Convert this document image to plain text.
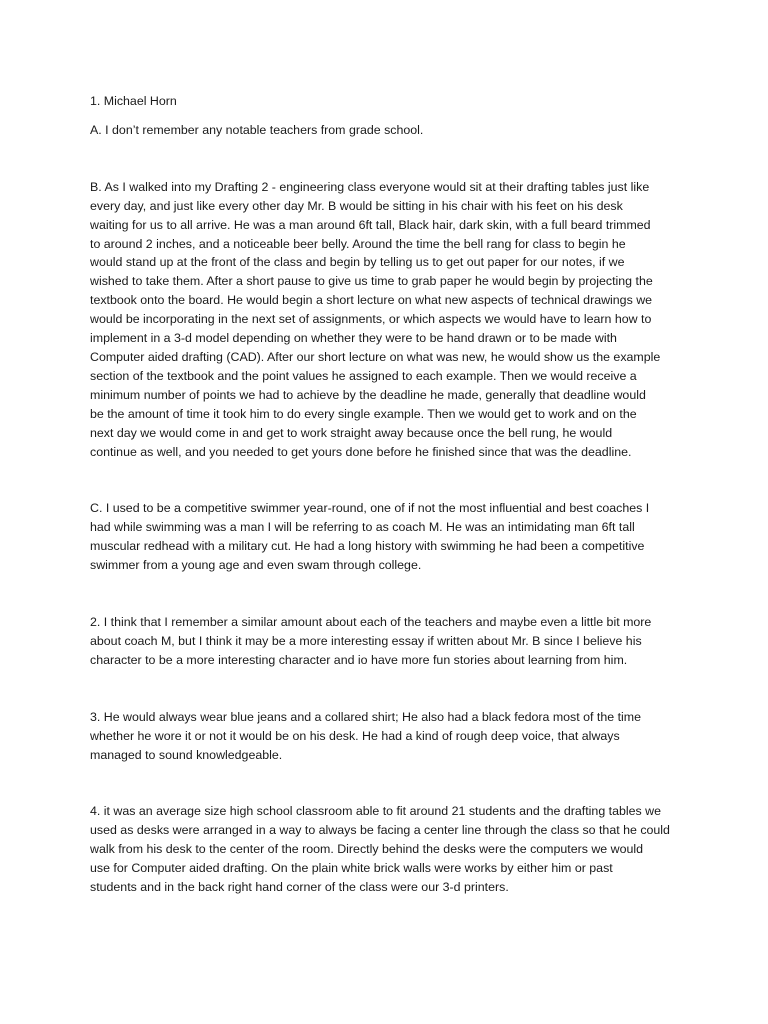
1. Michael Horn

A. I don’t remember any notable teachers from grade school.

B. As I walked into my Drafting 2 - engineering class everyone would sit at their drafting tables just like
every day, and just like every other day Mr. B would be sitting in his chair with his feet on his desk
waiting for us to all arrive. He was a man around 6ft tall, Black hair, dark skin, with a full beard trimmed
to around 2 inches, and a noticeable beer belly. Around the time the bell rang for class to begin he
would stand up at the front of the class and begin by telling us to get out paper for our notes, if we
wished to take them. After a short pause to give us time to grab paper he would begin by projecting the
textbook onto the board. He would begin a short lecture on what new aspects of technical drawings we
would be incorporating in the next set of assignments, or which aspects we would have to learn how to
implement in a 3-d model depending on whether they were to be hand drawn or to be made with
Computer aided drafting (CAD). After our short lecture on what was new, he would show us the example
section of the textbook and the point values he assigned to each example. Then we would receive a
minimum number of points we had to achieve by the deadline he made, generally that deadline would
be the amount of time it took him to do every single example. Then we would get to work and on the
next day we would come in and get to work straight away because once the bell rung, he would
continue as well, and you needed to get yours done before he finished since that was the deadline.

C. I used to be a competitive swimmer year-round, one of if not the most influential and best coaches I
had while swimming was a man I will be referring to as coach M. He was an intimidating man 6ft tall
muscular redhead with a military cut. He had a long history with swimming he had been a competitive
swimmer from a young age and even swam through college.

2. I think that I remember a similar amount about each of the teachers and maybe even a little bit more
about coach M, but I think it may be a more interesting essay if written about Mr. B since I believe his
character to be a more interesting character and io have more fun stories about learning from him.

3. He would always wear blue jeans and a collared shirt; He also had a black fedora most of the time
whether he wore it or not it would be on his desk. He had a kind of rough deep voice, that always
managed to sound knowledgeable.

4. it was an average size high school classroom able to fit around 21 students and the drafting tables we
used as desks were arranged in a way to always be facing a center line through the class so that he could
walk from his desk to the center of the room. Directly behind the desks were the computers we would
use for Computer aided drafting. On the plain white brick walls were works by either him or past
students and in the back right hand corner of the class were our 3-d printers.
